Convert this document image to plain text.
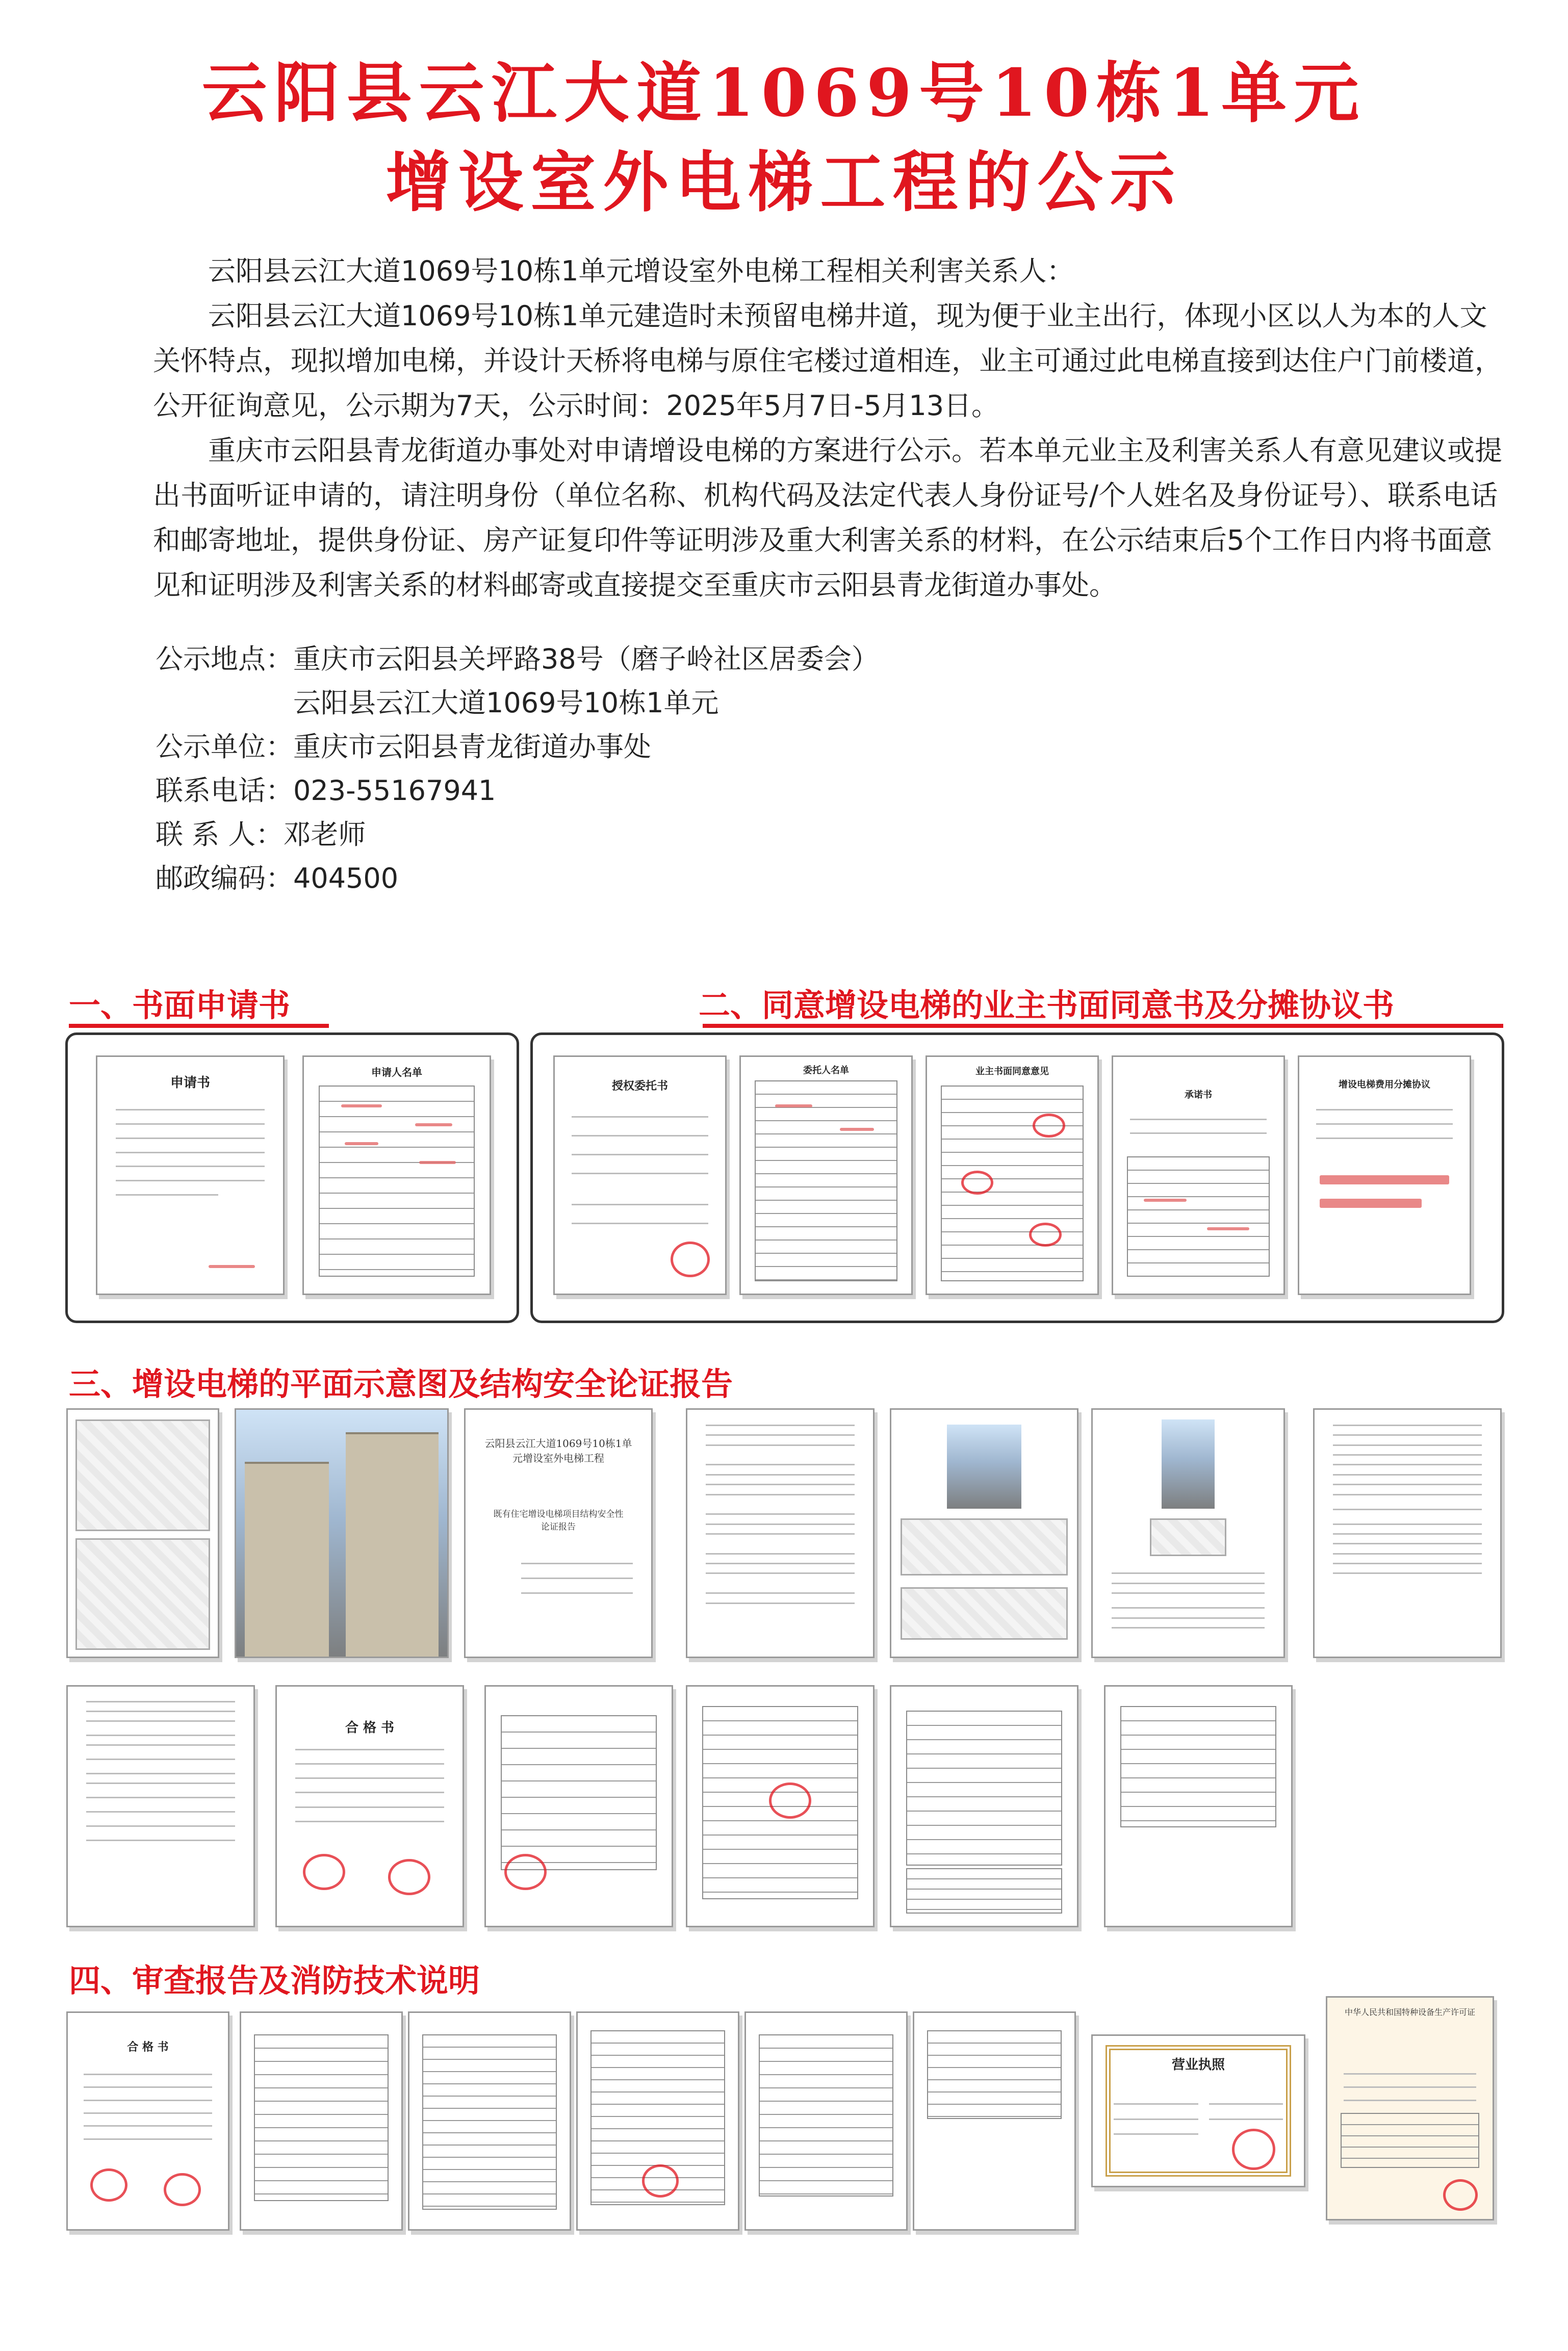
云阳县云江大道1069号10栋1单元
增设室外电梯工程的公示

云阳县云江大道1069号10栋1单元增设室外电梯工程相关利害关系人：

云阳县云江大道1069号10栋1单元建造时未预留电梯井道，现为便于业主出行，体现小区以人为本的人文关怀特点，现拟增加电梯，并设计天桥将电梯与原住宅楼过道相连，业主可通过此电梯直接到达住户门前楼道，公开征询意见，公示期为7天，公示时间：2025年5月7日-5月13日。

重庆市云阳县青龙街道办事处对申请增设电梯的方案进行公示。若本单元业主及利害关系人有意见建议或提出书面听证申请的，请注明身份（单位名称、机构代码及法定代表人身份证号/个人姓名及身份证号）、联系电话和邮寄地址，提供身份证、房产证复印件等证明涉及重大利害关系的材料，在公示结束后5个工作日内将书面意见和证明涉及利害关系的材料邮寄或直接提交至重庆市云阳县青龙街道办事处。

公示地点：重庆市云阳县关坪路38号（磨子岭社区居委会）
云阳县云江大道1069号10栋1单元
公示单位：重庆市云阳县青龙街道办事处
联系电话：023-55167941
联 系 人：邓老师
邮政编码：404500
一、书面申请书	二、同意增设电梯的业主书面同意书及分摊协议书
申请书
申请人名单
授权委托书
委托人名单	业主书面同意意见
承诺书
增设电梯费用分摊协议
三、增设电梯的平面示意图及结构安全论证报告
云阳县云江大道1069号10栋1单元增设室外电梯工程
既有住宅增设电梯项目结构安全性论证报告
合 格 书
四、审查报告及消防技术说明
合 格 书
营业执照
中华人民共和国特种设备生产许可证
